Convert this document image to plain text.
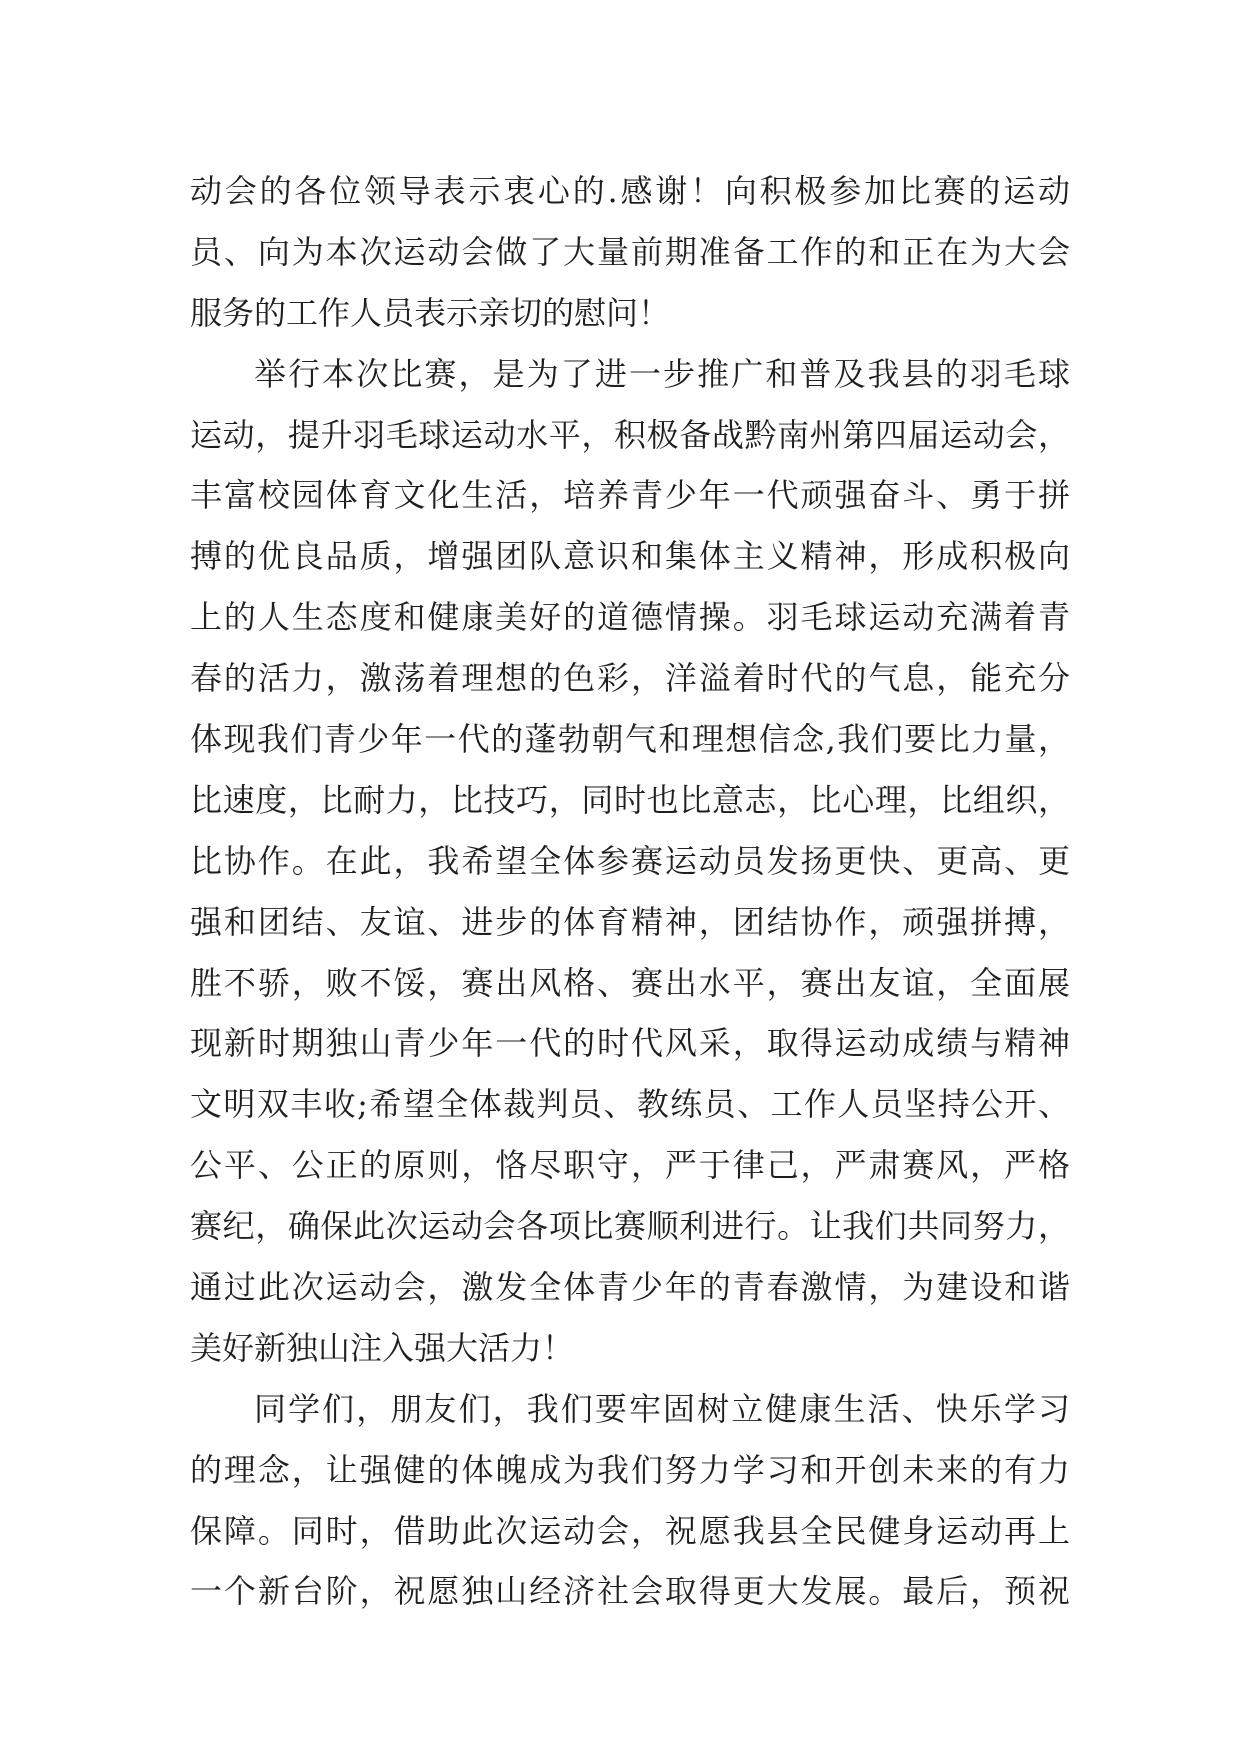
动会的各位领导表示衷心的.感谢！向积极参加比赛的运动
员、向为本次运动会做了大量前期准备工作的和正在为大会
服务的工作人员表示亲切的慰问！
举行本次比赛，是为了进一步推广和普及我县的羽毛球
运动，提升羽毛球运动水平，积极备战黔南州第四届运动会，
丰富校园体育文化生活，培养青少年一代顽强奋斗、勇于拼
搏的优良品质，增强团队意识和集体主义精神，形成积极向
上的人生态度和健康美好的道德情操。羽毛球运动充满着青
春的活力，激荡着理想的色彩，洋溢着时代的气息，能充分
体现我们青少年一代的蓬勃朝气和理想信念,我们要比力量，
比速度，比耐力，比技巧，同时也比意志，比心理，比组织，
比协作。在此，我希望全体参赛运动员发扬更快、更高、更
强和团结、友谊、进步的体育精神，团结协作，顽强拼搏，
胜不骄，败不馁，赛出风格、赛出水平，赛出友谊，全面展
现新时期独山青少年一代的时代风采，取得运动成绩与精神
文明双丰收;希望全体裁判员、教练员、工作人员坚持公开、
公平、公正的原则，恪尽职守，严于律己，严肃赛风，严格
赛纪，确保此次运动会各项比赛顺利进行。让我们共同努力，
通过此次运动会，激发全体青少年的青春激情，为建设和谐
美好新独山注入强大活力！
同学们，朋友们，我们要牢固树立健康生活、快乐学习
的理念，让强健的体魄成为我们努力学习和开创未来的有力
保障。同时，借助此次运动会，祝愿我县全民健身运动再上
一个新台阶，祝愿独山经济社会取得更大发展。最后，预祝
